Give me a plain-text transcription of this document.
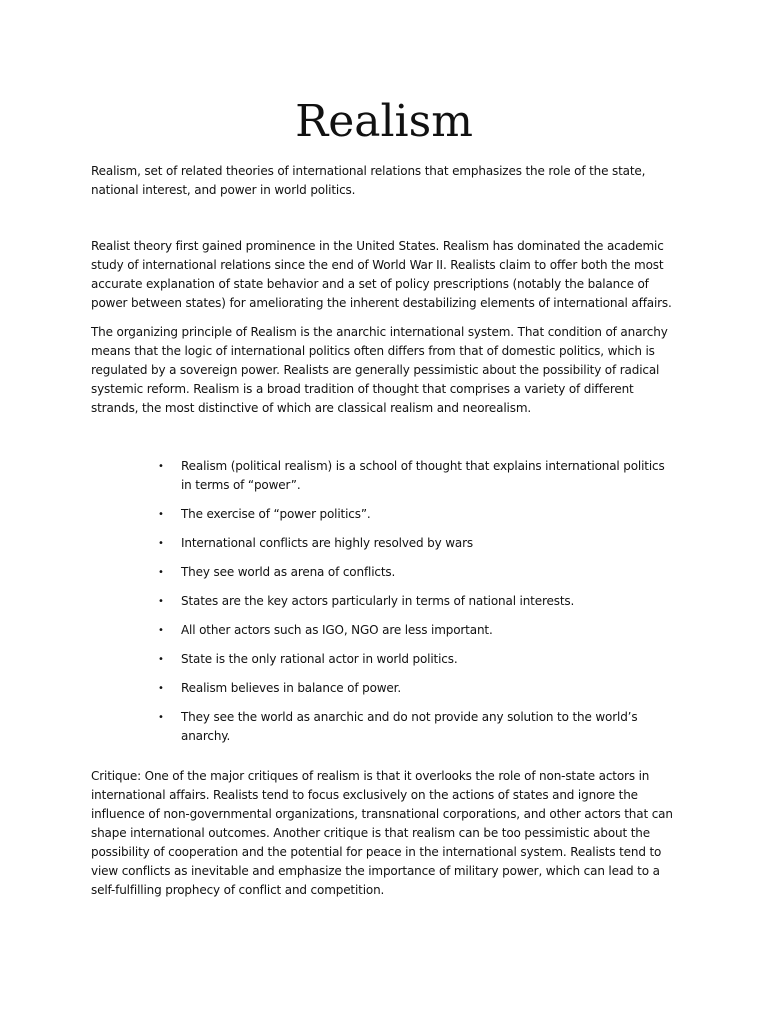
Realism

Realism, set of related theories of international relations that emphasizes the role of the state, national interest, and power in world politics.

Realist theory first gained prominence in the United States. Realism has dominated the academic study of international relations since the end of World War II. Realists claim to offer both the most accurate explanation of state behavior and a set of policy prescriptions (notably the balance of power between states) for ameliorating the inherent destabilizing elements of international affairs.

The organizing principle of Realism is the anarchic international system. That condition of anarchy means that the logic of international politics often differs from that of domestic politics, which is regulated by a sovereign power. Realists are generally pessimistic about the possibility of radical systemic reform. Realism is a broad tradition of thought that comprises a variety of different strands, the most distinctive of which are classical realism and neorealism.

• Realism (political realism) is a school of thought that explains international politics in terms of “power”.
• The exercise of “power politics”.
• International conflicts are highly resolved by wars
• They see world as arena of conflicts.
• States are the key actors particularly in terms of national interests.
• All other actors such as IGO, NGO are less important.
• State is the only rational actor in world politics.
• Realism believes in balance of power.
• They see the world as anarchic and do not provide any solution to the world’s anarchy.

Critique: One of the major critiques of realism is that it overlooks the role of non-state actors in international affairs. Realists tend to focus exclusively on the actions of states and ignore the influence of non-governmental organizations, transnational corporations, and other actors that can shape international outcomes. Another critique is that realism can be too pessimistic about the possibility of cooperation and the potential for peace in the international system. Realists tend to view conflicts as inevitable and emphasize the importance of military power, which can lead to a self-fulfilling prophecy of conflict and competition.
